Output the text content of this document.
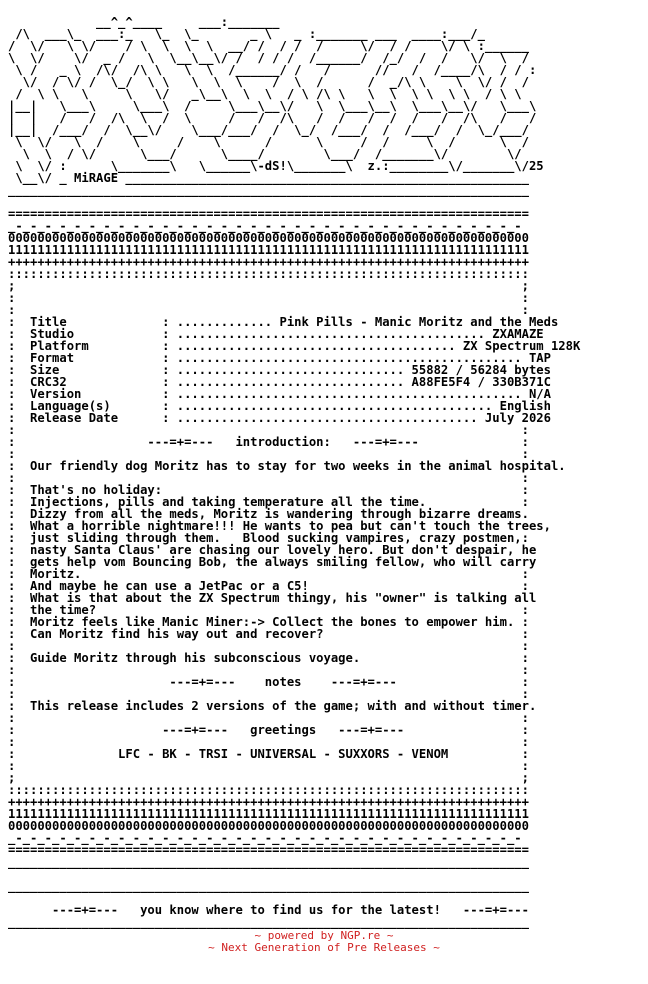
__^_^____     ___:_______
/\  ___\_  ___:_   \_  \_       _ \   _ :_______ ___  ____:___/_
/  \/   \ \/    / \  \  \  \  __/ /  / /  /     \/  / /    \/ \ :______
\  \/    \/  _ /   \  \__\__\/ /  / / /  /______/  /_/  /  /   \/  \  /
\ /   _ \  /\/  /\ \   \  \  /______/ /   /      //   /  /____/\  / / :
\/  / \/ /  \_/  \ \   \  \  \    /  \  /      /  _/\ \    \  \/ /  /
/  \ \   \     \   \/   _\__\  \  \  / \ /\ \   \  \  \ \  \ \  / \ \
|__|   \___\     \___\  /     \___\__\/   \  \___\__\  \___\__\/   \___\
|  |   /   /  /\  \  /  \     /   /  /\   /  /   /  /  /   /  /\   /   /
|__|  /___/  /  \__\/    \___/___/  /  \_/  /___/  /  /___/  /  \_/___/
\  \/   \  /    \     /    \      /      \     /  /     \  /      \  /
\  \  / \/      \___/      \____/        \___/  /_______\/        \/
\  \/ :      \_______\   \______\-dS!\_______\  z.:________\/_______\/25
\__\/ _ MiRAGE _______________________________________________________
_______________________________________________________________________

=======================================================================
_-_-_-_-_-_-_-_-_-_-_-_-_-_-_-_-_-_-_-_-_-_-_-_-_-_-_-_-_-_-_-_-_-_-_-
00000000000000000000000000000000000000000000000000000000000000000000000
11111111111111111111111111111111111111111111111111111111111111111111111
+++++++++++++++++++++++++++++++++++++++++++++++++++++++++++++++++++++++
:::::::::::::::::::::::::::::::::::::::::::::::::::::::::::::::::::::::
;                                                                     ;
:                                                                     :
:                                                                     :
:  Title             : ............. Pink Pills - Manic Moritz and the Meds
:  Studio            : .......................................... ZXAMAZE
:  Platform          : ...................................... ZX Spectrum 128K
:  Format            : ............................................... TAP
:  Size              : ............................... 55882 / 56284 bytes
:  CRC32             : ............................... A88FE5F4 / 330B371C
:  Version           : ............................................... N/A
:  Language(s)       : ........................................... English
:  Release Date      : ......................................... July 2026
:                                                                     :
:                  ---=+=---   introduction:   ---=+=---              :
:                                                                     :
:  Our friendly dog Moritz has to stay for two weeks in the animal hospital.
:                                                                     :
:  That's no holiday:                                                 :
:  Injections, pills and taking temperature all the time.             :
:  Dizzy from all the meds, Moritz is wandering through bizarre dreams.
:  What a horrible nightmare!!! He wants to pea but can't touch the trees,
:  just sliding through them.   Blood sucking vampires, crazy postmen,:
:  nasty Santa Claus' are chasing our lovely hero. But don't despair, he
:  gets help vom Bouncing Bob, the always smiling fellow, who will carry
:  Moritz.                                                            :
:  And maybe he can use a JetPac or a C5!                             :
:  What is that about the ZX Spectrum thingy, his "owner" is talking all
:  the time?                                                          :
:  Moritz feels like Manic Miner:-> Collect the bones to empower him. :
:  Can Moritz find his way out and recover?                           :
:                                                                     :
:  Guide Moritz through his subconscious voyage.                      :
:                                                                     :
:                     ---=+=---    notes    ---=+=---                 :
:                                                                     :
:  This release includes 2 versions of the game; with and without timer.
:                                                                     :
:                    ---=+=---   greetings   ---=+=---                :
:                                                                     :
:              LFC - BK - TRSI - UNIVERSAL - SUXXORS - VENOM          :
:                                                                     :
;                                                                     ;
:::::::::::::::::::::::::::::::::::::::::::::::::::::::::::::::::::::::
+++++++++++++++++++++++++++++++++++++++++++++++++++++++++++++++++++++++
11111111111111111111111111111111111111111111111111111111111111111111111
00000000000000000000000000000000000000000000000000000000000000000000000
_-_-_-_-_-_-_-_-_-_-_-_-_-_-_-_-_-_-_-_-_-_-_-_-_-_-_-_-_-_-_-_-_-_-_-
=======================================================================
_______________________________________________________________________

_______________________________________________________________________

---=+=---   you know where to find us for the latest!   ---=+=---
_______________________________________________________________________

~ powered by NGP.re ~
~ Next Generation of Pre Releases ~
